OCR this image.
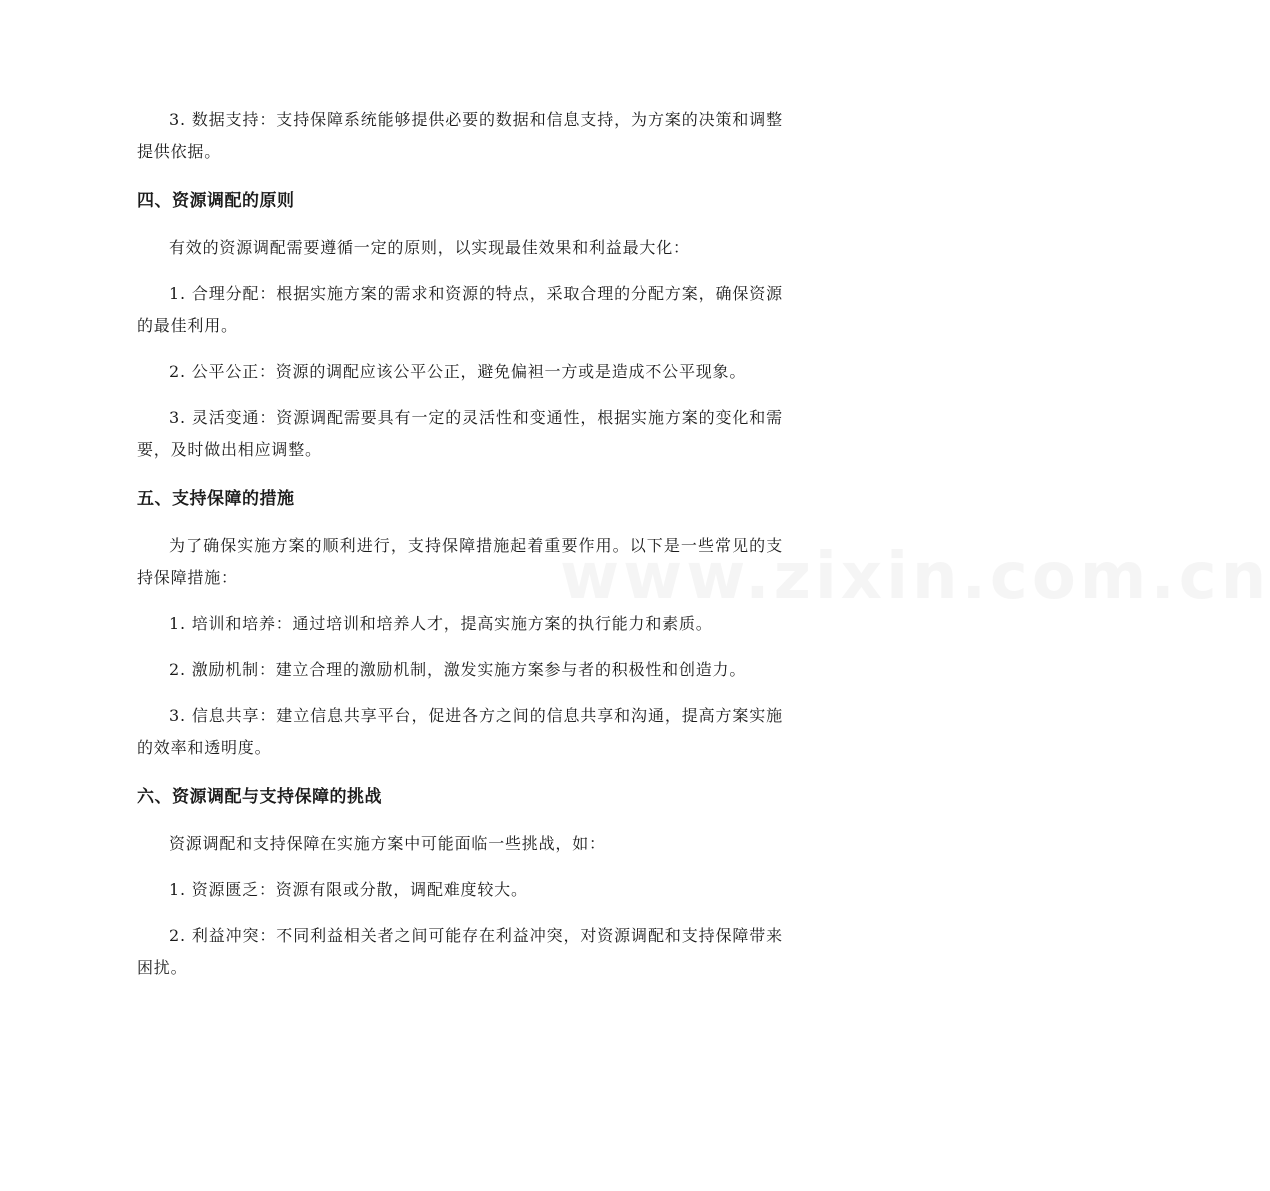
www.zixin.com.cn

3. 数据支持：支持保障系统能够提供必要的数据和信息支持，为方案的决策和调整提供依据。

四、资源调配的原则

有效的资源调配需要遵循一定的原则，以实现最佳效果和利益最大化：

1. 合理分配：根据实施方案的需求和资源的特点，采取合理的分配方案，确保资源的最佳利用。

2. 公平公正：资源的调配应该公平公正，避免偏袒一方或是造成不公平现象。

3. 灵活变通：资源调配需要具有一定的灵活性和变通性，根据实施方案的变化和需要，及时做出相应调整。

五、支持保障的措施

为了确保实施方案的顺利进行，支持保障措施起着重要作用。以下是一些常见的支持保障措施：

1. 培训和培养：通过培训和培养人才，提高实施方案的执行能力和素质。

2. 激励机制：建立合理的激励机制，激发实施方案参与者的积极性和创造力。

3. 信息共享：建立信息共享平台，促进各方之间的信息共享和沟通，提高方案实施的效率和透明度。

六、资源调配与支持保障的挑战

资源调配和支持保障在实施方案中可能面临一些挑战，如：

1. 资源匮乏：资源有限或分散，调配难度较大。

2. 利益冲突：不同利益相关者之间可能存在利益冲突，对资源调配和支持保障带来困扰。
